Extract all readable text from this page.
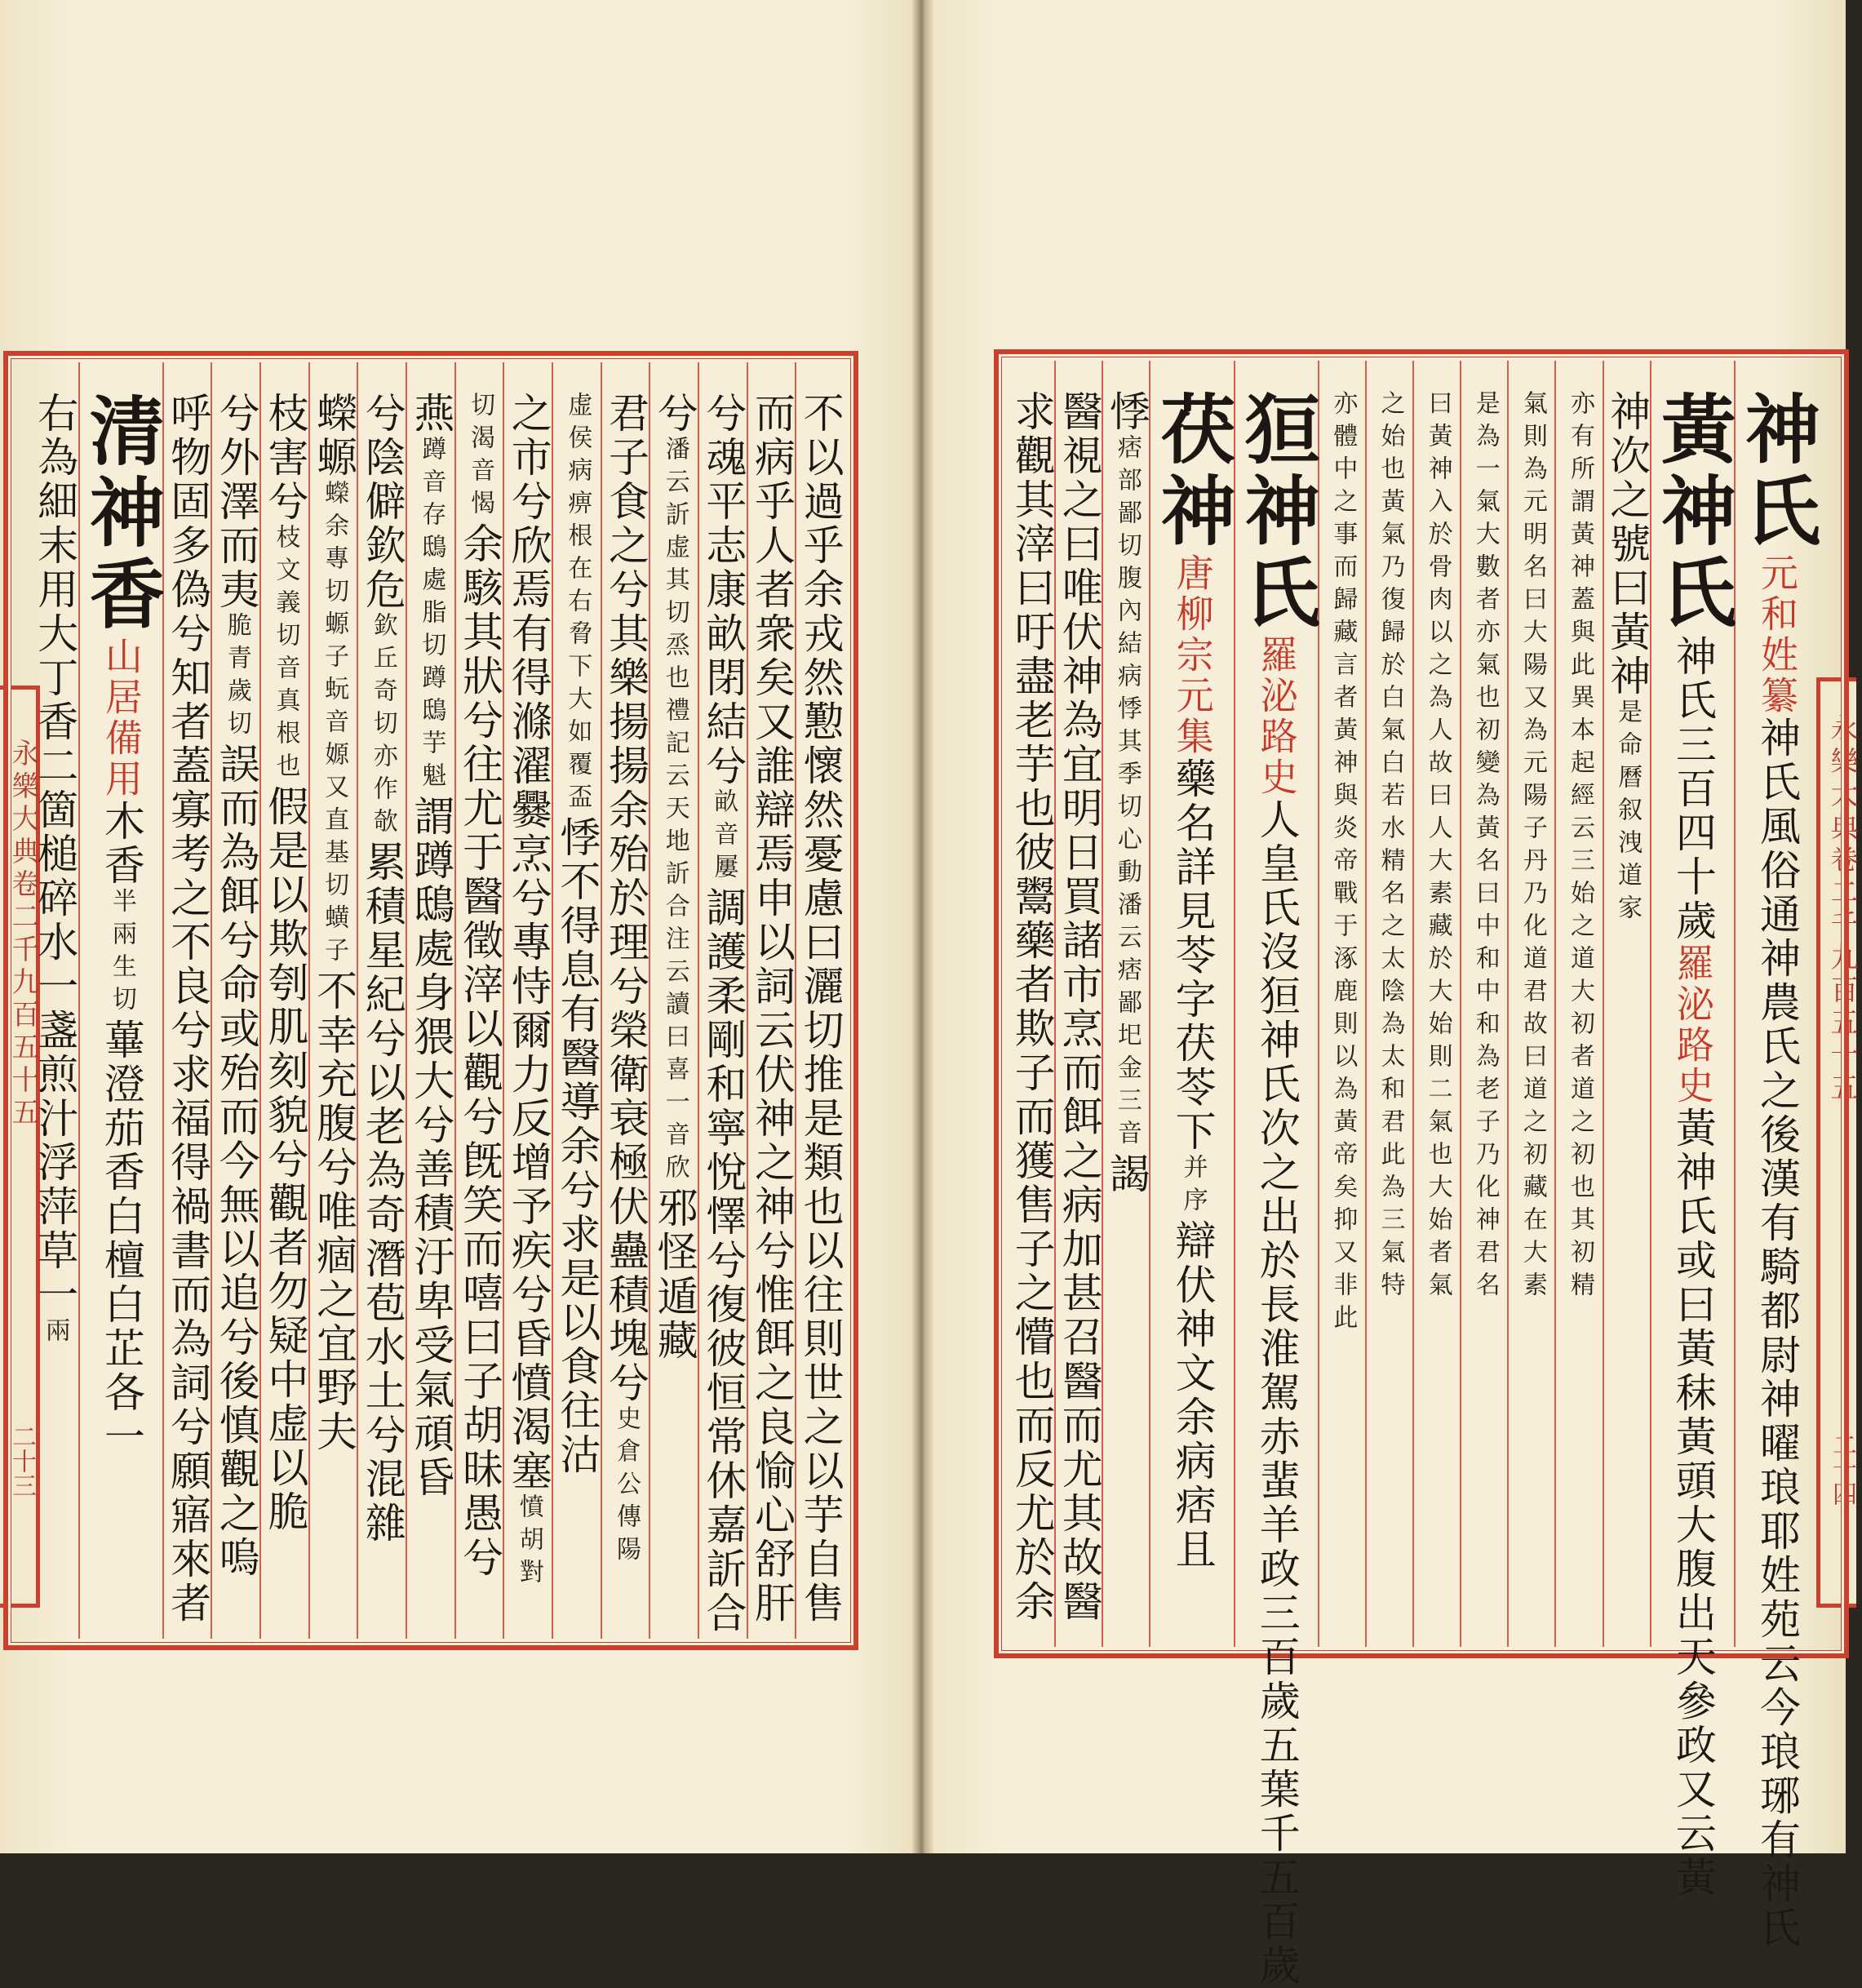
永樂大典卷二千九百五十五
二十三
永樂大典卷二千九百五十五
二十四
不以過乎余戎然懃懷然憂慮曰灑切推是類也以往則世之以芋自售
而病乎人者衆矣又誰辯焉申以詞云伏神之神兮惟餌之良愉心舒肝
兮魂平志康畝閉結兮畝音屢調護柔剛和寧悅懌兮復彼恒常休嘉訢合
兮潘云訢虚其切烝也禮記云天地訢合注云讀曰喜一音欣邪怪遁藏
君子食之兮其樂揚揚余殆於理兮榮衛衰極伏蠱積塊兮史倉公傳陽
虚侯病痹根在右脅下大如覆盃悸不得息有醫導余兮求是以食往沽
之市兮欣焉有得滌濯爨烹兮專恃爾力反增予疾兮昏憤渴塞憤胡對
切渴音愒余駭其狀兮往尤于醫徵滓以觀兮旣笑而嘻曰子胡昧愚兮
燕蹲音存鴟處脂切蹲鴟芋魁謂蹲鴟處身猥大兮善積汙卑受氣頑昏
兮陰僻欽危欽丘奇切亦作欹累積星紀兮以老為奇潛苞水土兮混雜
蠑螈蠑余專切螈子蚖音嫄又直基切蟥子不幸充腹兮唯痼之宜野夫
枝害兮枝文義切音真根也假是以欺刳肌刻貌兮觀者勿疑中虚以脆
兮外澤而夷脆青歲切誤而為餌兮命或殆而今無以追兮後慎觀之嗚
呼物固多偽兮知者蓋寡考之不良兮求福得禍書而為詞兮願寤來者
清神香山居備用木香半兩生切蓽澄茄香白檀白芷各一
右為細末用大丁香二箇槌碎水一盞煎汁浮萍草一兩
神氏元和姓纂神氏風俗通神農氏之後漢有騎都尉神曜琅耶姓苑云今琅琊有神氏
黃神氏神氏三百四十歲羅泌路史黃神氏或曰黃秣黃頭大腹出天參政又云黃
神次之號曰黃神是命曆叙洩道家
亦有所謂黃神蓋與此異本起經云三始之道大初者道之初也其初精
氣則為元明名曰大陽又為元陽子丹乃化道君故曰道之初藏在大素
是為一氣大數者亦氣也初變為黃名曰中和中和為老子乃化神君名
曰黃神入於骨肉以之為人故曰人大素藏於大始則二氣也大始者氣
之始也黃氣乃復歸於白氣白若水精名之太陰為太和君此為三氣特
亦體中之事而歸藏言者黃神與炎帝戰于涿鹿則以為黃帝矣抑又非此
狟神氏羅泌路史人皇氏沒狟神氏次之出於長淮駕赤蜚羊政三百歲五葉千五百歲
茯神唐柳宗元集藥名詳見苓字茯苓下并序辯伏神文余病痞且
悸痞部鄙切腹內結病悸其季切心動潘云痞鄙圯金三音謁
醫視之曰唯伏神為宜明日買諸市烹而餌之病加甚召醫而尤其故醫
求觀其滓曰吁盡老芋也彼鬻藥者欺子而獲售子之懵也而反尤於余
